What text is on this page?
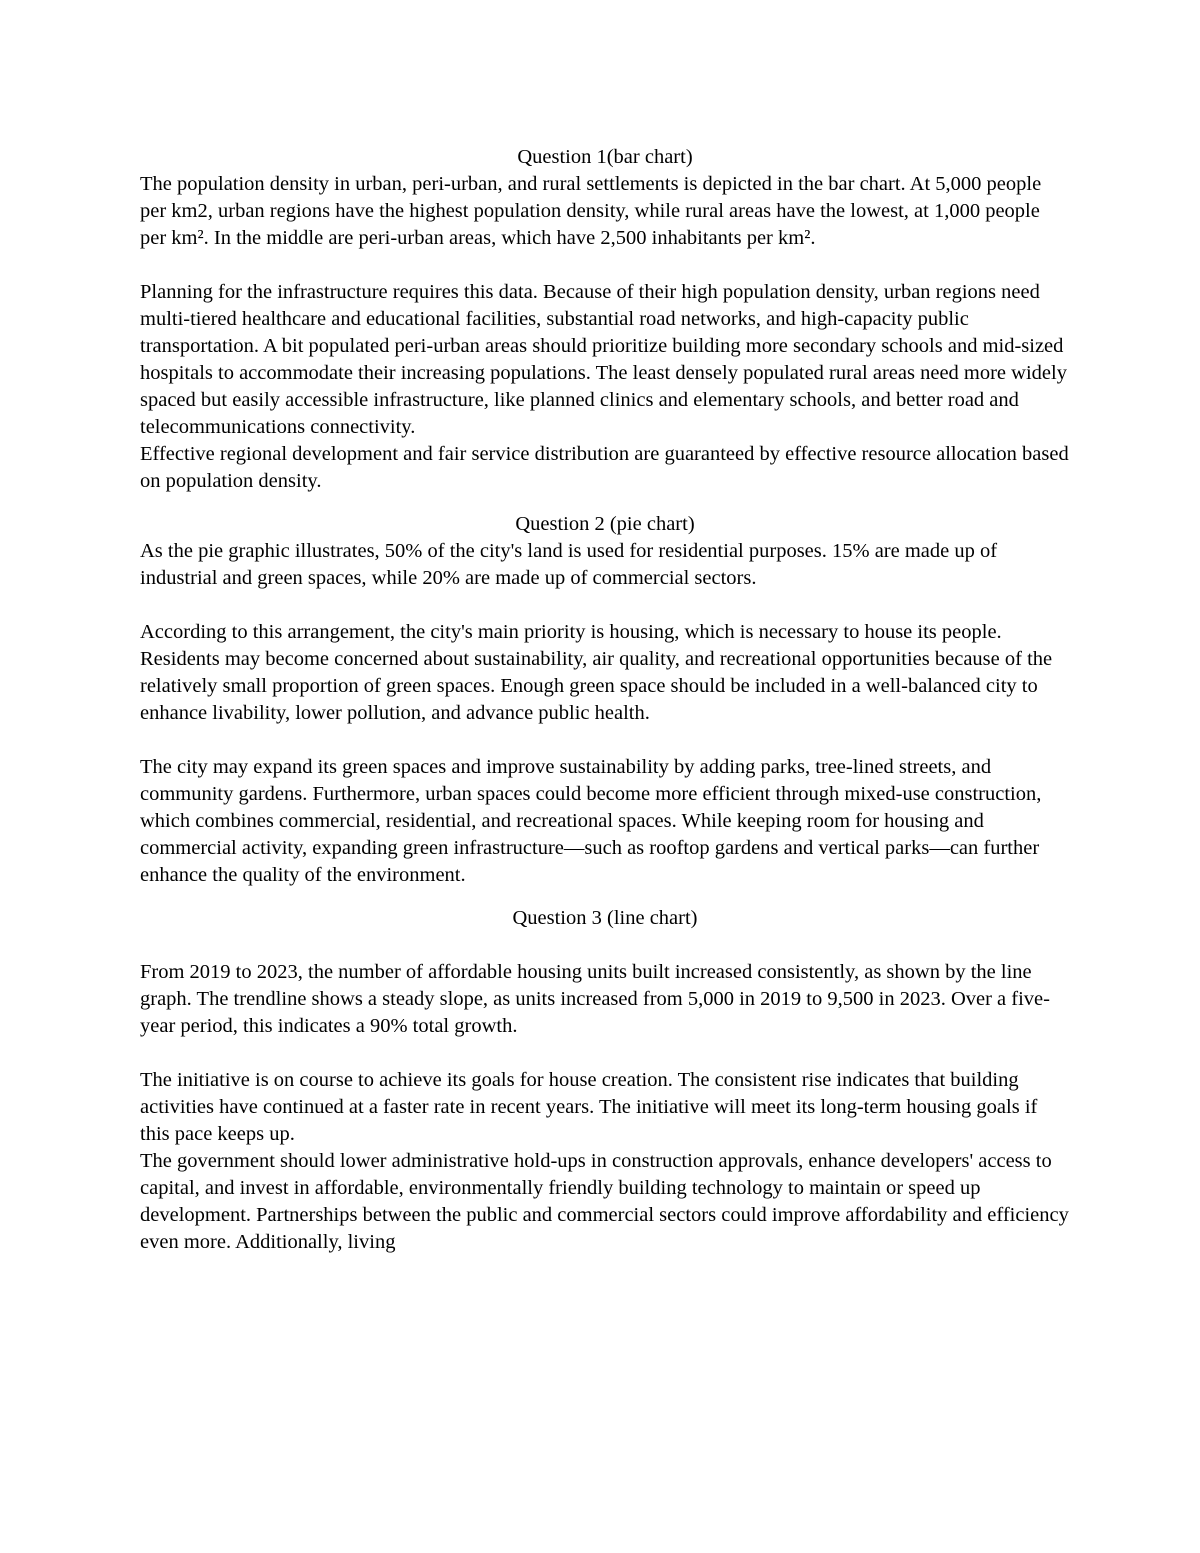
Question 1(bar chart)

The population density in urban, peri-urban, and rural settlements is depicted in the bar chart. At 5,000 people per km2, urban regions have the highest population density, while rural areas have the lowest, at 1,000 people per km². In the middle are peri-urban areas, which have 2,500 inhabitants per km².

Planning for the infrastructure requires this data. Because of their high population density, urban regions need multi-tiered healthcare and educational facilities, substantial road networks, and high-capacity public transportation. A bit populated peri-urban areas should prioritize building more secondary schools and mid-sized hospitals to accommodate their increasing populations. The least densely populated rural areas need more widely spaced but easily accessible infrastructure, like planned clinics and elementary schools, and better road and telecommunications connectivity.

Effective regional development and fair service distribution are guaranteed by effective resource allocation based on population density.

Question 2 (pie chart)

As the pie graphic illustrates, 50% of the city's land is used for residential purposes. 15% are made up of industrial and green spaces, while 20% are made up of commercial sectors.

According to this arrangement, the city's main priority is housing, which is necessary to house its people. Residents may become concerned about sustainability, air quality, and recreational opportunities because of the relatively small proportion of green spaces. Enough green space should be included in a well-balanced city to enhance livability, lower pollution, and advance public health.

The city may expand its green spaces and improve sustainability by adding parks, tree-lined streets, and community gardens. Furthermore, urban spaces could become more efficient through mixed-use construction, which combines commercial, residential, and recreational spaces. While keeping room for housing and commercial activity, expanding green infrastructure—such as rooftop gardens and vertical parks—can further enhance the quality of the environment.

Question 3 (line chart)

From 2019 to 2023, the number of affordable housing units built increased consistently, as shown by the line graph. The trendline shows a steady slope, as units increased from 5,000 in 2019 to 9,500 in 2023. Over a five-year period, this indicates a 90% total growth.

The initiative is on course to achieve its goals for house creation. The consistent rise indicates that building activities have continued at a faster rate in recent years. The initiative will meet its long-term housing goals if this pace keeps up.

The government should lower administrative hold-ups in construction approvals, enhance developers' access to capital, and invest in affordable, environmentally friendly building technology to maintain or speed up development. Partnerships between the public and commercial sectors could improve affordability and efficiency even more. Additionally, living
